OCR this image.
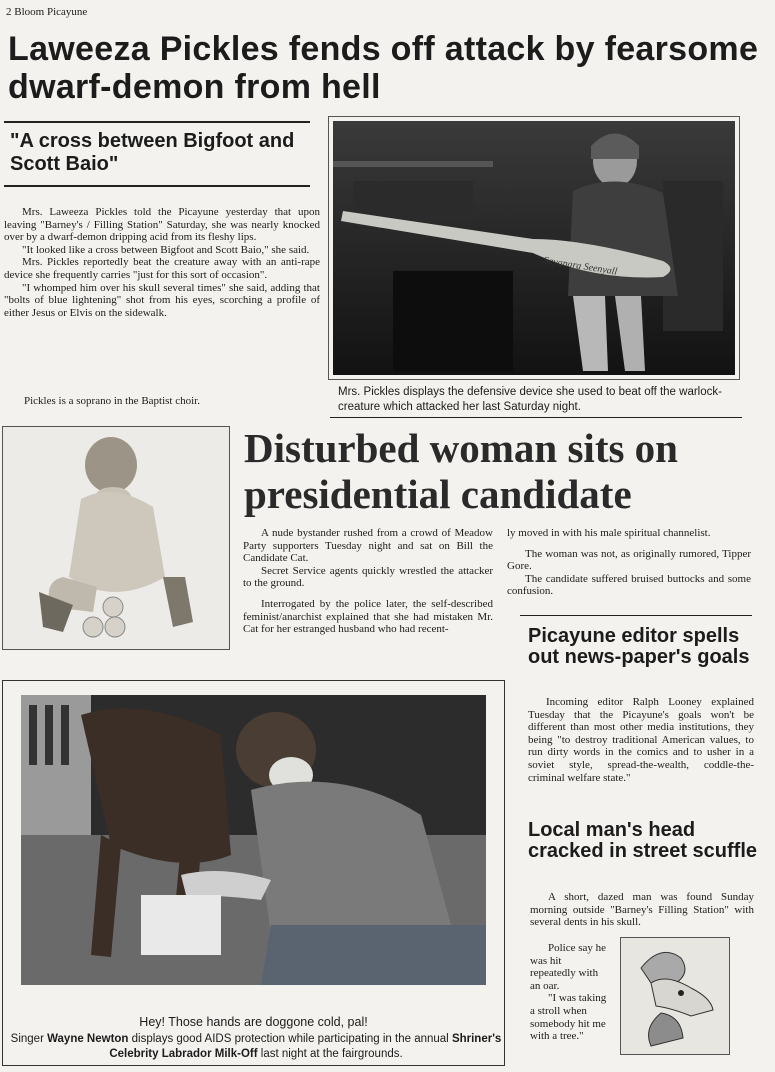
2 Bloom Picayune
Laweeza Pickles fends off attack by fearsome dwarf-demon from hell
"A cross between Bigfoot and Scott Baio"

Mrs. Laweeza Pickles told the Picayune yesterday that upon leaving "Barney's / Filling Station" Saturday, she was nearly knocked over by a dwarf-demon dripping acid from its fleshy lips.

"It looked like a cross between Bigfoot and Scott Baio," she said.

Mrs. Pickles reportedly beat the creature away with an anti-rape device she frequently carries "just for this sort of occasion".

"I whomped him over his skull several times" she said, adding that "bolts of blue lightening" shot from his eyes, scorching a profile of either Jesus or Elvis on the sidewalk.

Pickles is a soprano in the Baptist choir.
Sayanara Seenyall
Mrs. Pickles displays the defensive device she used to beat off the warlock-creature which attacked her last Saturday night.
Disturbed woman sits on presidential candidate

A nude bystander rushed from a crowd of Meadow Party supporters Tuesday night and sat on Bill the Candidate Cat.

Secret Service agents quickly wrestled the attacker to the ground.

Interrogated by the police later, the self-described feminist/anarchist explained that she had mistaken Mr. Cat for her estranged husband who had recent-

ly moved in with his male spiritual channelist.

The woman was not, as originally rumored, Tipper Gore.

The candidate suffered bruised buttocks and some confusion.

Picayune editor spells out news-paper's goals

Incoming editor Ralph Looney explained Tuesday that the Picayune's goals won't be different than most other media institutions, they being "to destroy traditional American values, to run dirty words in the comics and to usher in a soviet style, spread-the-wealth, coddle-the-criminal welfare state."

Local man's head cracked in street scuffle

A short, dazed man was found Sunday morning outside "Barney's Filling Station" with several dents in his skull.

Police say he was hit repeatedly with an oar.

"I was taking a stroll when somebody hit me with a tree."

Hey! Those hands are doggone cold, pal!
Singer Wayne Newton displays good AIDS protection while participating in the annual Shriner's Celebrity Labrador Milk-Off last night at the fairgrounds.
